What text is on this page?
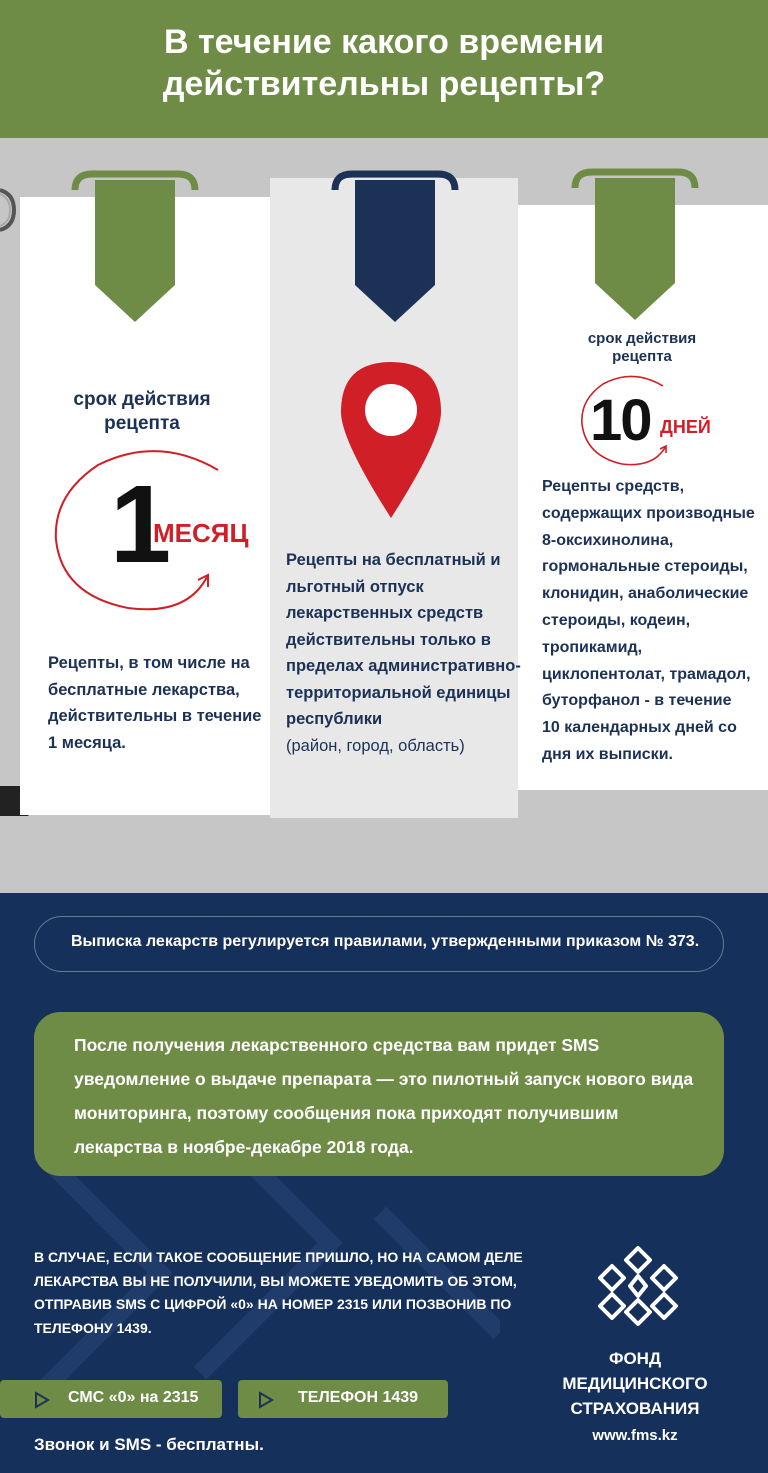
В течение какого времени
действительны рецепты?
срок действия
рецепта
1
МЕСЯЦ
Рецепты, в том числе на
бесплатные лекарства,
действительны в течение
1 месяца.
Рецепты на бесплатный и
льготный отпуск
лекарственных средств
действительны только в
пределах административно-
территориальной единицы
республики
(район, город, область)
срок действия
рецепта
10 ДНЕЙ
Рецепты средств,
содержащих производные
8-оксихинолина,
гормональные стероиды,
клонидин, анаболические
стероиды, кодеин,
тропикамид,
циклопентолат, трамадол,
буторфанол - в течение
10 календарных дней со
дня их выписки.
Выписка лекарств регулируется правилами, утвержденными приказом № 373.
После получения лекарственного средства вам придет SMS
уведомление о выдаче препарата — это пилотный запуск нового вида
мониторинга, поэтому сообщения пока приходят получившим
лекарства в ноябре-декабре 2018 года.
В СЛУЧАЕ, ЕСЛИ ТАКОЕ СООБЩЕНИЕ ПРИШЛО, НО НА САМОМ ДЕЛЕ
ЛЕКАРСТВА ВЫ НЕ ПОЛУЧИЛИ, ВЫ МОЖЕТЕ УВЕДОМИТЬ ОБ ЭТОМ,
ОТПРАВИВ SMS С ЦИФРОЙ «0» НА НОМЕР 2315 ИЛИ ПОЗВОНИВ ПО
ТЕЛЕФОНУ 1439.
СМС «0» на 2315	ТЕЛЕФОН 1439
Звонок и SMS - бесплатны.
ФОНД
МЕДИЦИНСКОГО
СТРАХОВАНИЯ
www.fms.kz
